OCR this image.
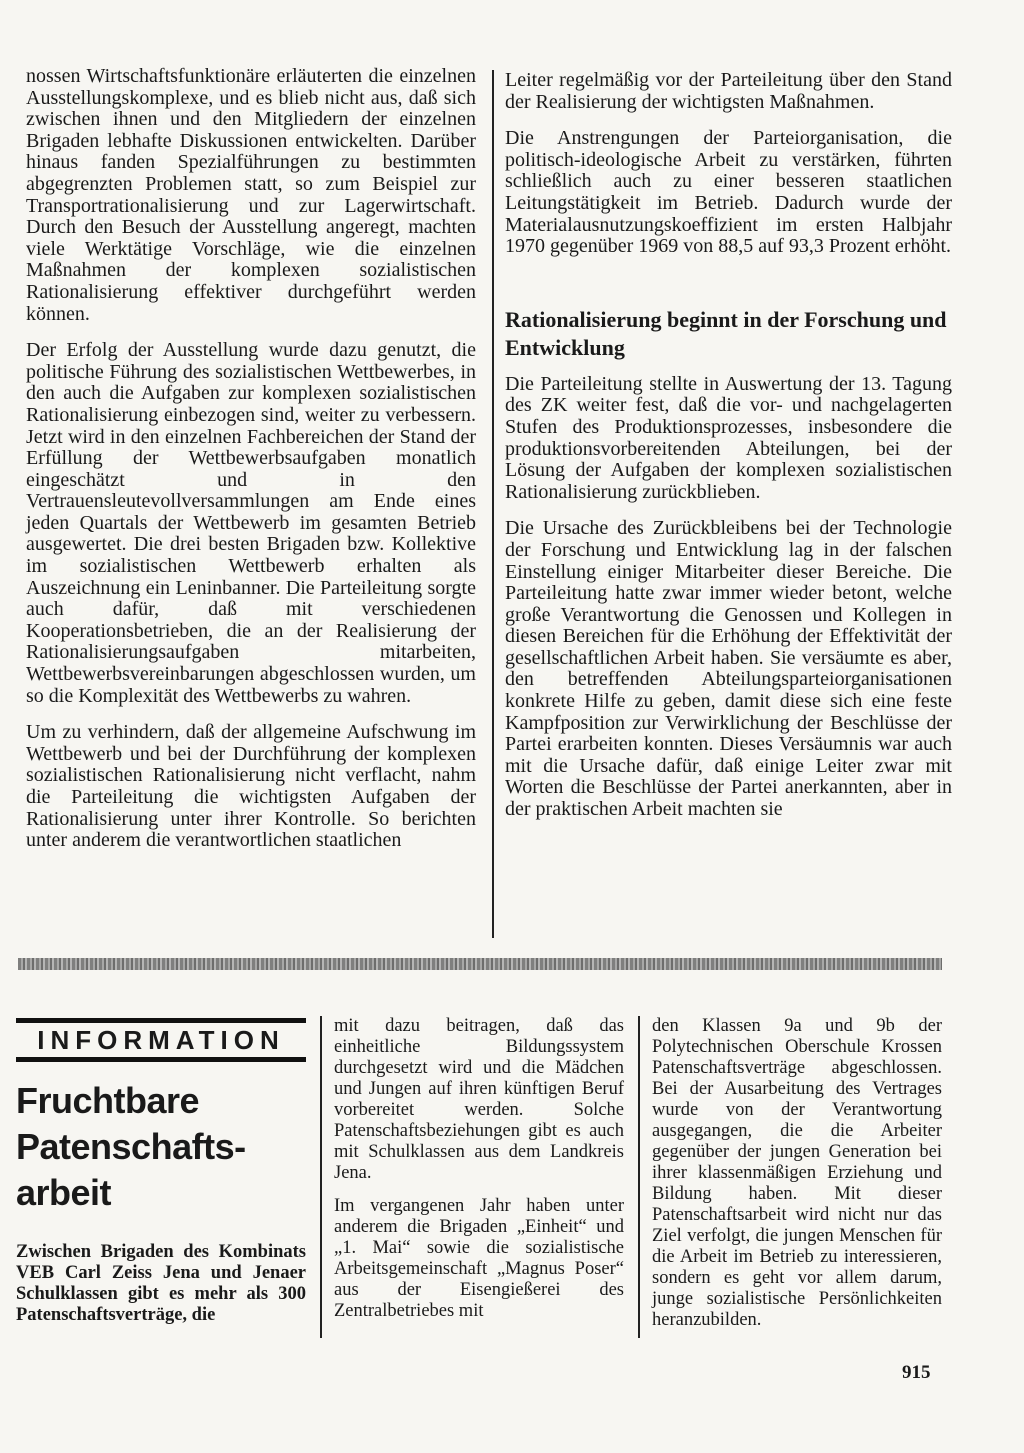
nossen Wirtschaftsfunktionäre erläuterten die einzelnen Ausstellungskomplexe, und es blieb nicht aus, daß sich zwischen ihnen und den Mitgliedern der einzelnen Brigaden lebhafte Diskussionen entwickelten. Darüber hinaus fanden Spezialführungen zu bestimmten abgegrenzten Problemen statt, so zum Beispiel zur Transportrationalisierung und zur Lagerwirtschaft. Durch den Besuch der Ausstellung angeregt, machten viele Werktätige Vorschläge, wie die einzelnen Maßnahmen der komplexen sozialistischen Rationalisierung effektiver durchgeführt werden können.

Der Erfolg der Ausstellung wurde dazu genutzt, die politische Führung des sozialistischen Wettbewerbes, in den auch die Aufgaben zur komplexen sozialistischen Rationalisierung einbezogen sind, weiter zu verbessern. Jetzt wird in den einzelnen Fachbereichen der Stand der Erfüllung der Wettbewerbsaufgaben monatlich eingeschätzt und in den Vertrauensleutevollversammlungen am Ende eines jeden Quartals der Wettbewerb im gesamten Betrieb ausgewertet. Die drei besten Brigaden bzw. Kollektive im sozialistischen Wettbewerb erhalten als Auszeichnung ein Leninbanner. Die Parteileitung sorgte auch dafür, daß mit verschiedenen Kooperationsbetrieben, die an der Realisierung der Rationalisierungsaufgaben mitarbeiten, Wettbewerbsvereinbarungen abgeschlossen wurden, um so die Komplexität des Wettbewerbs zu wahren.

Um zu verhindern, daß der allgemeine Aufschwung im Wettbewerb und bei der Durchführung der komplexen sozialistischen Rationalisierung nicht verflacht, nahm die Parteileitung die wichtigsten Aufgaben der Rationalisierung unter ihrer Kontrolle. So berichten unter anderem die verantwortlichen staatlichen

Leiter regelmäßig vor der Parteileitung über den Stand der Realisierung der wichtigsten Maßnahmen.

Die Anstrengungen der Parteiorganisation, die politisch-ideologische Arbeit zu verstärken, führten schließlich auch zu einer besseren staatlichen Leitungstätigkeit im Betrieb. Dadurch wurde der Materialausnutzungskoeffizient im ersten Halbjahr 1970 gegenüber 1969 von 88,5 auf 93,3 Prozent erhöht.

Rationalisierung beginnt in der Forschung und Entwicklung

Die Parteileitung stellte in Auswertung der 13. Tagung des ZK weiter fest, daß die vor- und nachgelagerten Stufen des Produktionsprozesses, insbesondere die produktionsvorbereitenden Abteilungen, bei der Lösung der Aufgaben der komplexen sozialistischen Rationalisierung zurückblieben.

Die Ursache des Zurückbleibens bei der Technologie der Forschung und Entwicklung lag in der falschen Einstellung einiger Mitarbeiter dieser Bereiche. Die Parteileitung hatte zwar immer wieder betont, welche große Verantwortung die Genossen und Kollegen in diesen Bereichen für die Erhöhung der Effektivität der gesellschaftlichen Arbeit haben. Sie versäumte es aber, den betreffenden Abteilungsparteiorganisationen konkrete Hilfe zu geben, damit diese sich eine feste Kampfposition zur Verwirklichung der Beschlüsse der Partei erarbeiten konnten. Dieses Versäumnis war auch mit die Ursache dafür, daß einige Leiter zwar mit Worten die Beschlüsse der Partei anerkannten, aber in der praktischen Arbeit machten sie

INFORMATION
Fruchtbare
Patenschafts-
arbeit

Zwischen Brigaden des Kombinats VEB Carl Zeiss Jena und Jenaer Schulklassen gibt es mehr als 300 Patenschaftsverträge, die

mit dazu beitragen, daß das einheitliche Bildungssystem durchgesetzt wird und die Mädchen und Jungen auf ihren künftigen Beruf vorbereitet werden. Solche Patenschaftsbeziehungen gibt es auch mit Schulklassen aus dem Landkreis Jena.

Im vergangenen Jahr haben unter anderem die Brigaden „Einheit“ und „1. Mai“ sowie die sozialistische Arbeitsgemeinschaft „Magnus Poser“ aus der Eisengießerei des Zentralbetriebes mit

den Klassen 9a und 9b der Polytechnischen Oberschule Krossen Patenschaftsverträge abgeschlossen. Bei der Ausarbeitung des Vertrages wurde von der Verantwortung ausgegangen, die die Arbeiter gegenüber der jungen Generation bei ihrer klassenmäßigen Erziehung und Bildung haben. Mit dieser Patenschaftsarbeit wird nicht nur das Ziel verfolgt, die jungen Menschen für die Arbeit im Betrieb zu interessieren, sondern es geht vor allem darum, junge sozialistische Persönlichkeiten heranzubilden.

915
